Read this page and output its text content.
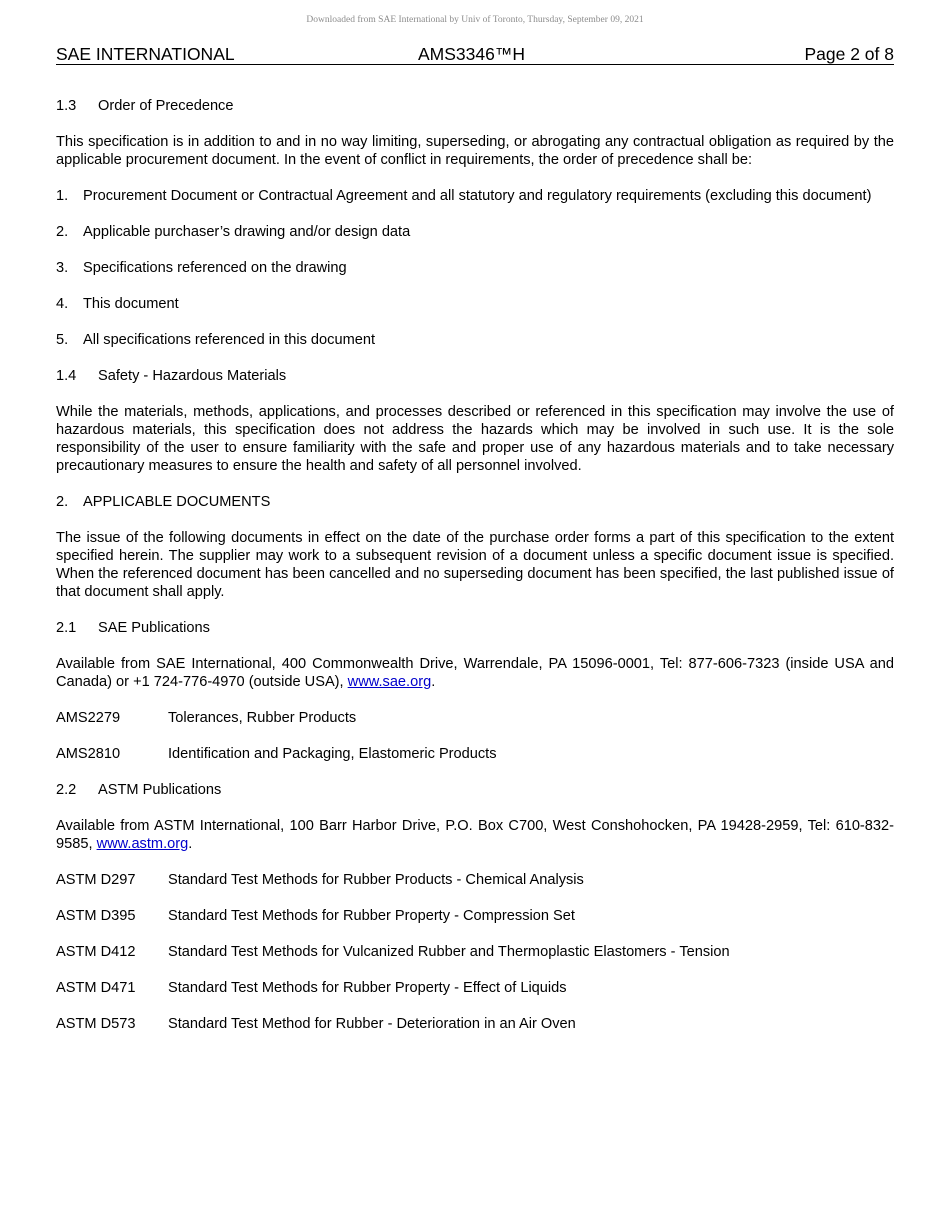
Downloaded from SAE International by Univ of Toronto, Thursday, September 09, 2021
SAE INTERNATIONAL	AMS3346™H	Page 2 of 8
1.3	Order of Precedence

This specification is in addition to and in no way limiting, superseding, or abrogating any contractual obligation as required by the applicable procurement document. In the event of conflict in requirements, the order of precedence shall be:

1.	Procurement Document or Contractual Agreement and all statutory and regulatory requirements (excluding this document)
2.	Applicable purchaser’s drawing and/or design data
3.	Specifications referenced on the drawing
4.	This document
5.	All specifications referenced in this document
1.4	Safety - Hazardous Materials

While the materials, methods, applications, and processes described or referenced in this specification may involve the use of hazardous materials, this specification does not address the hazards which may be involved in such use. It is the sole responsibility of the user to ensure familiarity with the safe and proper use of any hazardous materials and to take necessary precautionary measures to ensure the health and safety of all personnel involved.

2.	APPLICABLE DOCUMENTS

The issue of the following documents in effect on the date of the purchase order forms a part of this specification to the extent specified herein. The supplier may work to a subsequent revision of a document unless a specific document issue is specified. When the referenced document has been cancelled and no superseding document has been specified, the last published issue of that document shall apply.

2.1	SAE Publications

Available from SAE International, 400 Commonwealth Drive, Warrendale, PA 15096-0001, Tel: 877-606-7323 (inside USA and Canada) or +1 724-776-4970 (outside USA), www.sae.org.

AMS2279	Tolerances, Rubber Products
AMS2810	Identification and Packaging, Elastomeric Products
2.2	ASTM Publications

Available from ASTM International, 100 Barr Harbor Drive, P.O. Box C700, West Conshohocken, PA 19428-2959, Tel: 610-832-9585, www.astm.org.

ASTM D297	Standard Test Methods for Rubber Products - Chemical Analysis
ASTM D395	Standard Test Methods for Rubber Property - Compression Set
ASTM D412	Standard Test Methods for Vulcanized Rubber and Thermoplastic Elastomers - Tension
ASTM D471	Standard Test Methods for Rubber Property - Effect of Liquids
ASTM D573	Standard Test Method for Rubber - Deterioration in an Air Oven
